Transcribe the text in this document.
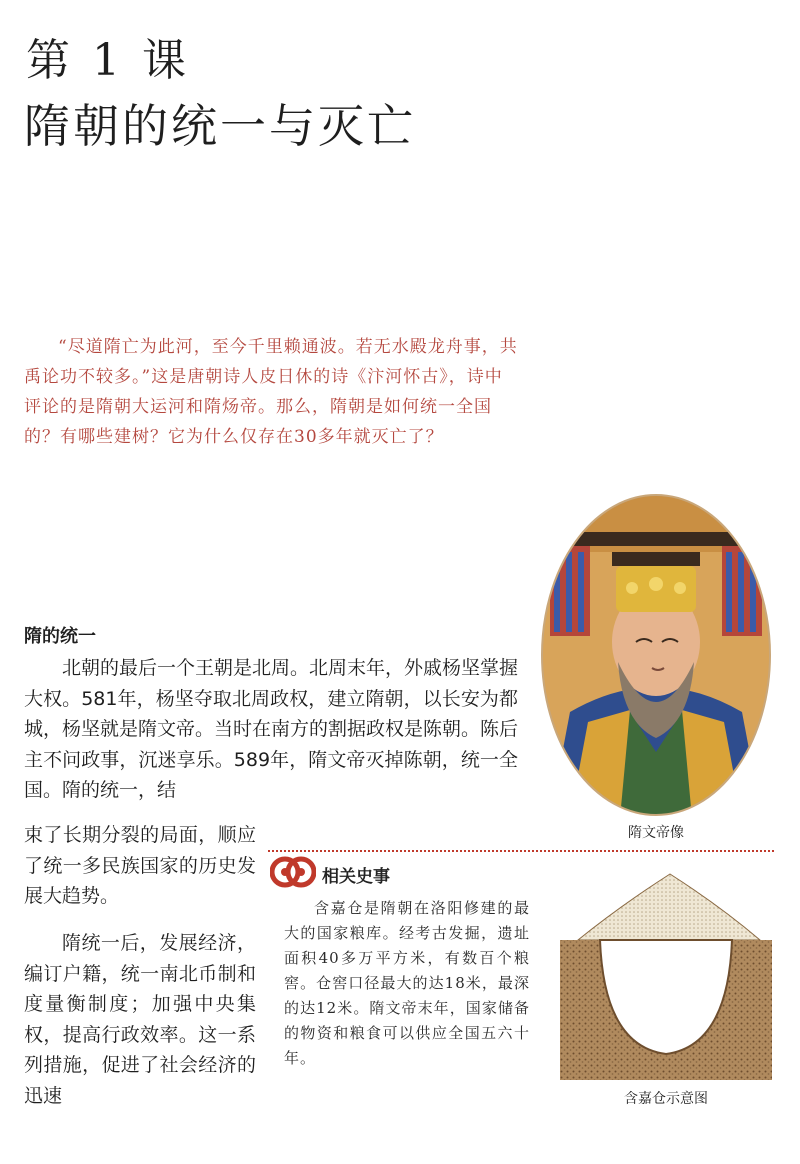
第 1 课
隋朝的统一与灭亡

“尽道隋亡为此河，至今千里赖通波。若无水殿龙舟事，共禹论功不较多。”这是唐朝诗人皮日休的诗《汴河怀古》，诗中评论的是隋朝大运河和隋炀帝。那么，隋朝是如何统一全国的？有哪些建树？它为什么仅存在30多年就灭亡了？

隋文帝像
隋的统一

北朝的最后一个王朝是北周。北周末年，外戚杨坚掌握大权。581年，杨坚夺取北周政权，建立隋朝，以长安为都城，杨坚就是隋文帝。当时在南方的割据政权是陈朝。陈后主不问政事，沉迷享乐。589年，隋文帝灭掉陈朝，统一全国。隋的统一，结

束了长期分裂的局面，顺应了统一多民族国家的历史发展大趋势。

隋统一后，发展经济，编订户籍，统一南北币制和度量衡制度；加强中央集权，提高行政效率。这一系列措施，促进了社会经济的迅速

相关史事

含嘉仓是隋朝在洛阳修建的最大的国家粮库。经考古发掘，遗址面积40多万平方米，有数百个粮窖。仓窖口径最大的达18米，最深的达12米。隋文帝末年，国家储备的物资和粮食可以供应全国五六十年。

含嘉仓示意图
